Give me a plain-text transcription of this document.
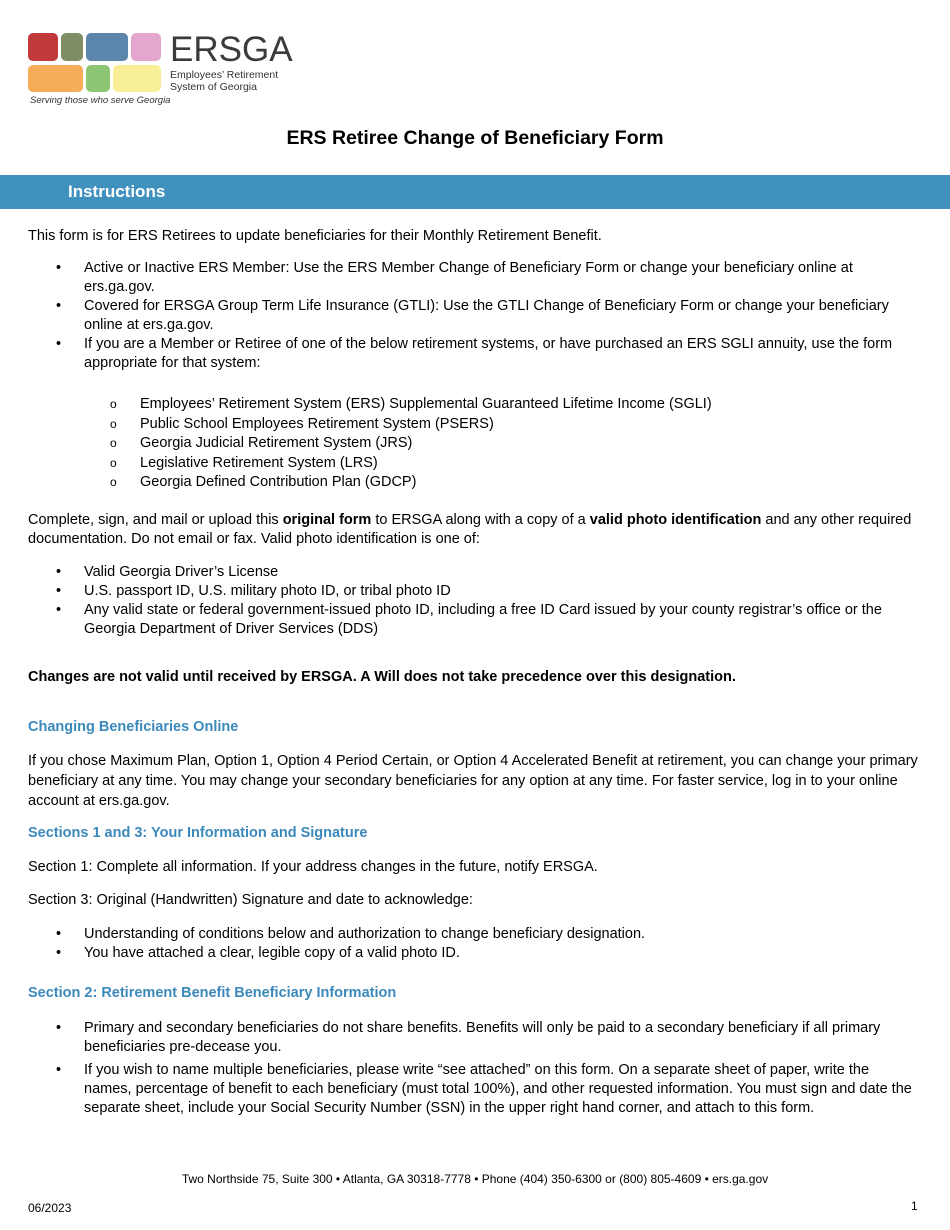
ERSGA
Employees’ Retirement
System of Georgia
Serving those who serve Georgia
ERS Retiree Change of Beneficiary Form
Instructions
This form is for ERS Retirees to update beneficiaries for their Monthly Retirement Benefit.
• Active or Inactive ERS Member: Use the ERS Member Change of Beneficiary Form or change your beneficiary online at ers.ga.gov.
• Covered for ERSGA Group Term Life Insurance (GTLI): Use the GTLI Change of Beneficiary Form or change your beneficiary online at ers.ga.gov.
• If you are a Member or Retiree of one of the below retirement systems, or have purchased an ERS SGLI annuity, use the form appropriate for that system:
o Employees’ Retirement System (ERS) Supplemental Guaranteed Lifetime Income (SGLI)
o Public School Employees Retirement System (PSERS)
o Georgia Judicial Retirement System (JRS)
o Legislative Retirement System (LRS)
o Georgia Defined Contribution Plan (GDCP)
Complete, sign, and mail or upload this original form to ERSGA along with a copy of a valid photo identification and any other required documentation. Do not email or fax. Valid photo identification is one of:
• Valid Georgia Driver’s License
• U.S. passport ID, U.S. military photo ID, or tribal photo ID
• Any valid state or federal government-issued photo ID, including a free ID Card issued by your county registrar’s office or the Georgia Department of Driver Services (DDS)
Changes are not valid until received by ERSGA. A Will does not take precedence over this designation.
Changing Beneficiaries Online
If you chose Maximum Plan, Option 1, Option 4 Period Certain, or Option 4 Accelerated Benefit at retirement, you can change your primary beneficiary at any time. You may change your secondary beneficiaries for any option at any time. For faster service, log in to your online account at ers.ga.gov.
Sections 1 and 3: Your Information and Signature
Section 1: Complete all information. If your address changes in the future, notify ERSGA.
Section 3: Original (Handwritten) Signature and date to acknowledge:
• Understanding of conditions below and authorization to change beneficiary designation.
• You have attached a clear, legible copy of a valid photo ID.
Section 2: Retirement Benefit Beneficiary Information
• Primary and secondary beneficiaries do not share benefits. Benefits will only be paid to a secondary beneficiary if all primary beneficiaries pre-decease you.
• If you wish to name multiple beneficiaries, please write “see attached” on this form. On a separate sheet of paper, write the names, percentage of benefit to each beneficiary (must total 100%), and other requested information. You must sign and date the separate sheet, include your Social Security Number (SSN) in the upper right hand corner, and attach to this form.
Two Northside 75, Suite 300 • Atlanta, GA 30318-7778 • Phone (404) 350-6300 or (800) 805-4609 • ers.ga.gov
06/2023	1
